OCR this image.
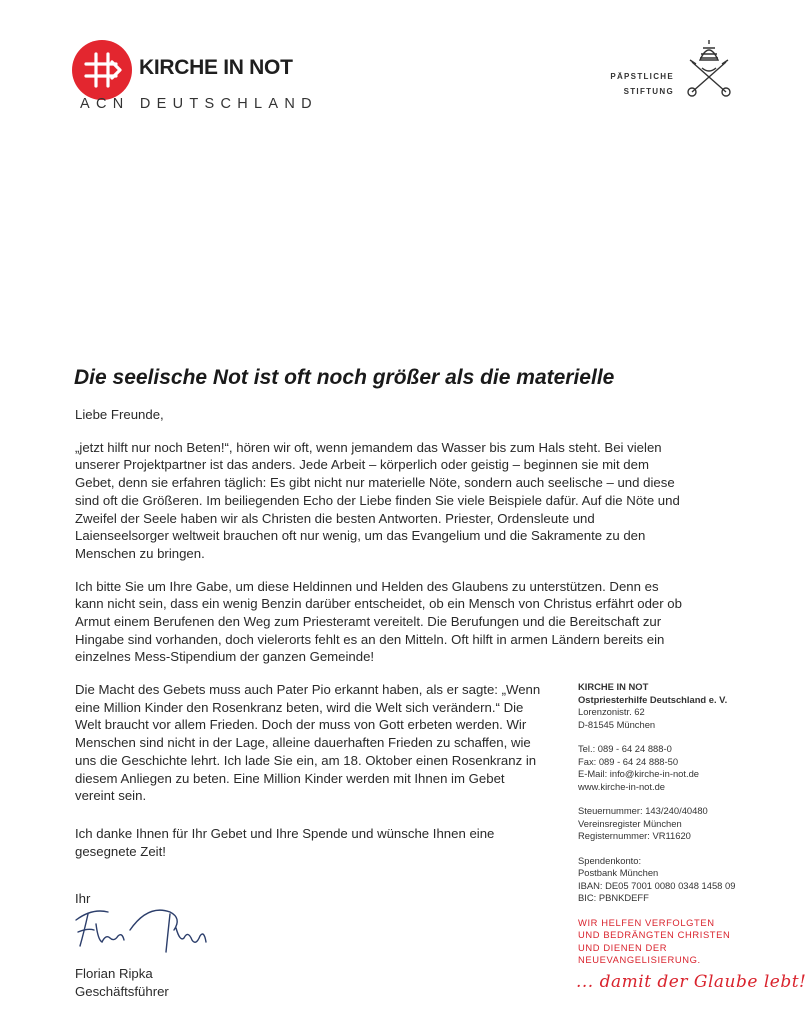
KIRCHE IN NOT
ACN DEUTSCHLAND
PÄPSTLICHE
STIFTUNG
Die seelische Not ist oft noch größer als die materielle

Liebe Freunde,

„jetzt hilft nur noch Beten!“, hören wir oft, wenn jemandem das Wasser bis zum Hals steht. Bei vielen unserer Projektpartner ist das anders. Jede Arbeit – körperlich oder geistig – beginnen sie mit dem Gebet, denn sie erfahren täglich: Es gibt nicht nur materielle Nöte, sondern auch seelische – und diese sind oft die Größeren. Im beiliegenden Echo der Liebe finden Sie viele Beispiele dafür. Auf die Nöte und Zweifel der Seele haben wir als Christen die besten Antworten. Priester, Ordensleute und Laienseelsorger weltweit brauchen oft nur wenig, um das Evangelium und die Sakramente zu den Menschen zu bringen.

Ich bitte Sie um Ihre Gabe, um diese Heldinnen und Helden des Glaubens zu unterstützen. Denn es kann nicht sein, dass ein wenig Benzin darüber entscheidet, ob ein Mensch von Christus erfährt oder ob Armut einem Berufenen den Weg zum Priesteramt vereitelt. Die Berufungen und die Bereitschaft zur Hingabe sind vorhanden, doch vielerorts fehlt es an den Mitteln. Oft hilft in armen Ländern bereits ein einzelnes Mess-Stipendium der ganzen Gemeinde!

Die Macht des Gebets muss auch Pater Pio erkannt haben, als er sagte: „Wenn eine Million Kinder den Rosenkranz beten, wird die Welt sich verändern.“ Die Welt braucht vor allem Frieden. Doch der muss von Gott erbeten werden. Wir Menschen sind nicht in der Lage, alleine dauerhaften Frieden zu schaffen, wie uns die Geschichte lehrt. Ich lade Sie ein, am 18. Oktober einen Rosenkranz in diesem Anliegen zu beten. Eine Million Kinder werden mit Ihnen im Gebet vereint sein.

Ich danke Ihnen für Ihr Gebet und Ihre Spende und wünsche Ihnen eine gesegnete Zeit!

Ihr

Florian Ripka

Geschäftsführer

KIRCHE IN NOT
Ostpriesterhilfe Deutschland e. V.
Lorenzonistr. 62
D-81545 München
Tel.: 089 - 64 24 888-0
Fax: 089 - 64 24 888-50
E-Mail: info@kirche-in-not.de
www.kirche-in-not.de
Steuernummer: 143/240/40480
Vereinsregister München
Registernummer: VR11620
Spendenkonto:
Postbank München
IBAN: DE05 7001 0080 0348 1458 09
BIC: PBNKDEFF
WIR HELFEN VERFOLGTEN
UND BEDRÄNGTEN CHRISTEN
UND DIENEN DER
NEUEVANGELISIERUNG.
... damit der Glaube lebt!
